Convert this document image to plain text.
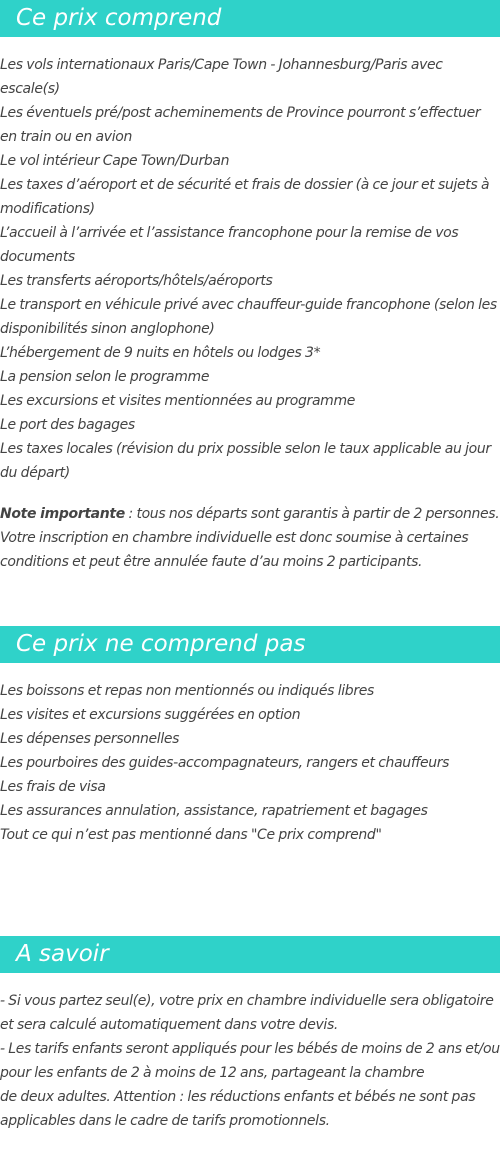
Ce prix comprend
Les vols internationaux Paris/Cape Town - Johannesburg/Paris avec escale(s)
Les éventuels pré/post acheminements de Province pourront s’effectuer en train ou en avion
Le vol intérieur Cape Town/Durban
Les taxes d’aéroport et de sécurité et frais de dossier (à ce jour et sujets à modifications)
L’accueil à l’arrivée et l’assistance francophone pour la remise de vos documents
Les transferts aéroports/hôtels/aéroports
Le transport en véhicule privé avec chauffeur-guide francophone (selon les disponibilités sinon anglophone)
L’hébergement de 9 nuits en hôtels ou lodges 3*
La pension selon le programme
Les excursions et visites mentionnées au programme
Le port des bagages
Les taxes locales (révision du prix possible selon le taux applicable au jour du départ)

Note importante : tous nos départs sont garantis à partir de 2 personnes. Votre inscription en chambre individuelle est donc soumise à certaines conditions et peut être annulée faute d’au moins 2 participants.

Ce prix ne comprend pas
Les boissons et repas non mentionnés ou indiqués libres
Les visites et excursions suggérées en option
Les dépenses personnelles
Les pourboires des guides-accompagnateurs, rangers et chauffeurs
Les frais de visa
Les assurances annulation, assistance, rapatriement et bagages
Tout ce qui n’est pas mentionné dans "Ce prix comprend"
A savoir

- Si vous partez seul(e), votre prix en chambre individuelle sera obligatoire et sera calculé automatiquement dans votre devis.

- Les tarifs enfants seront appliqués pour les bébés de moins de 2 ans et/ou pour les enfants de 2 à moins de 12 ans, partageant la chambre

de deux adultes. Attention : les réductions enfants et bébés ne sont pas applicables dans le cadre de tarifs promotionnels.
